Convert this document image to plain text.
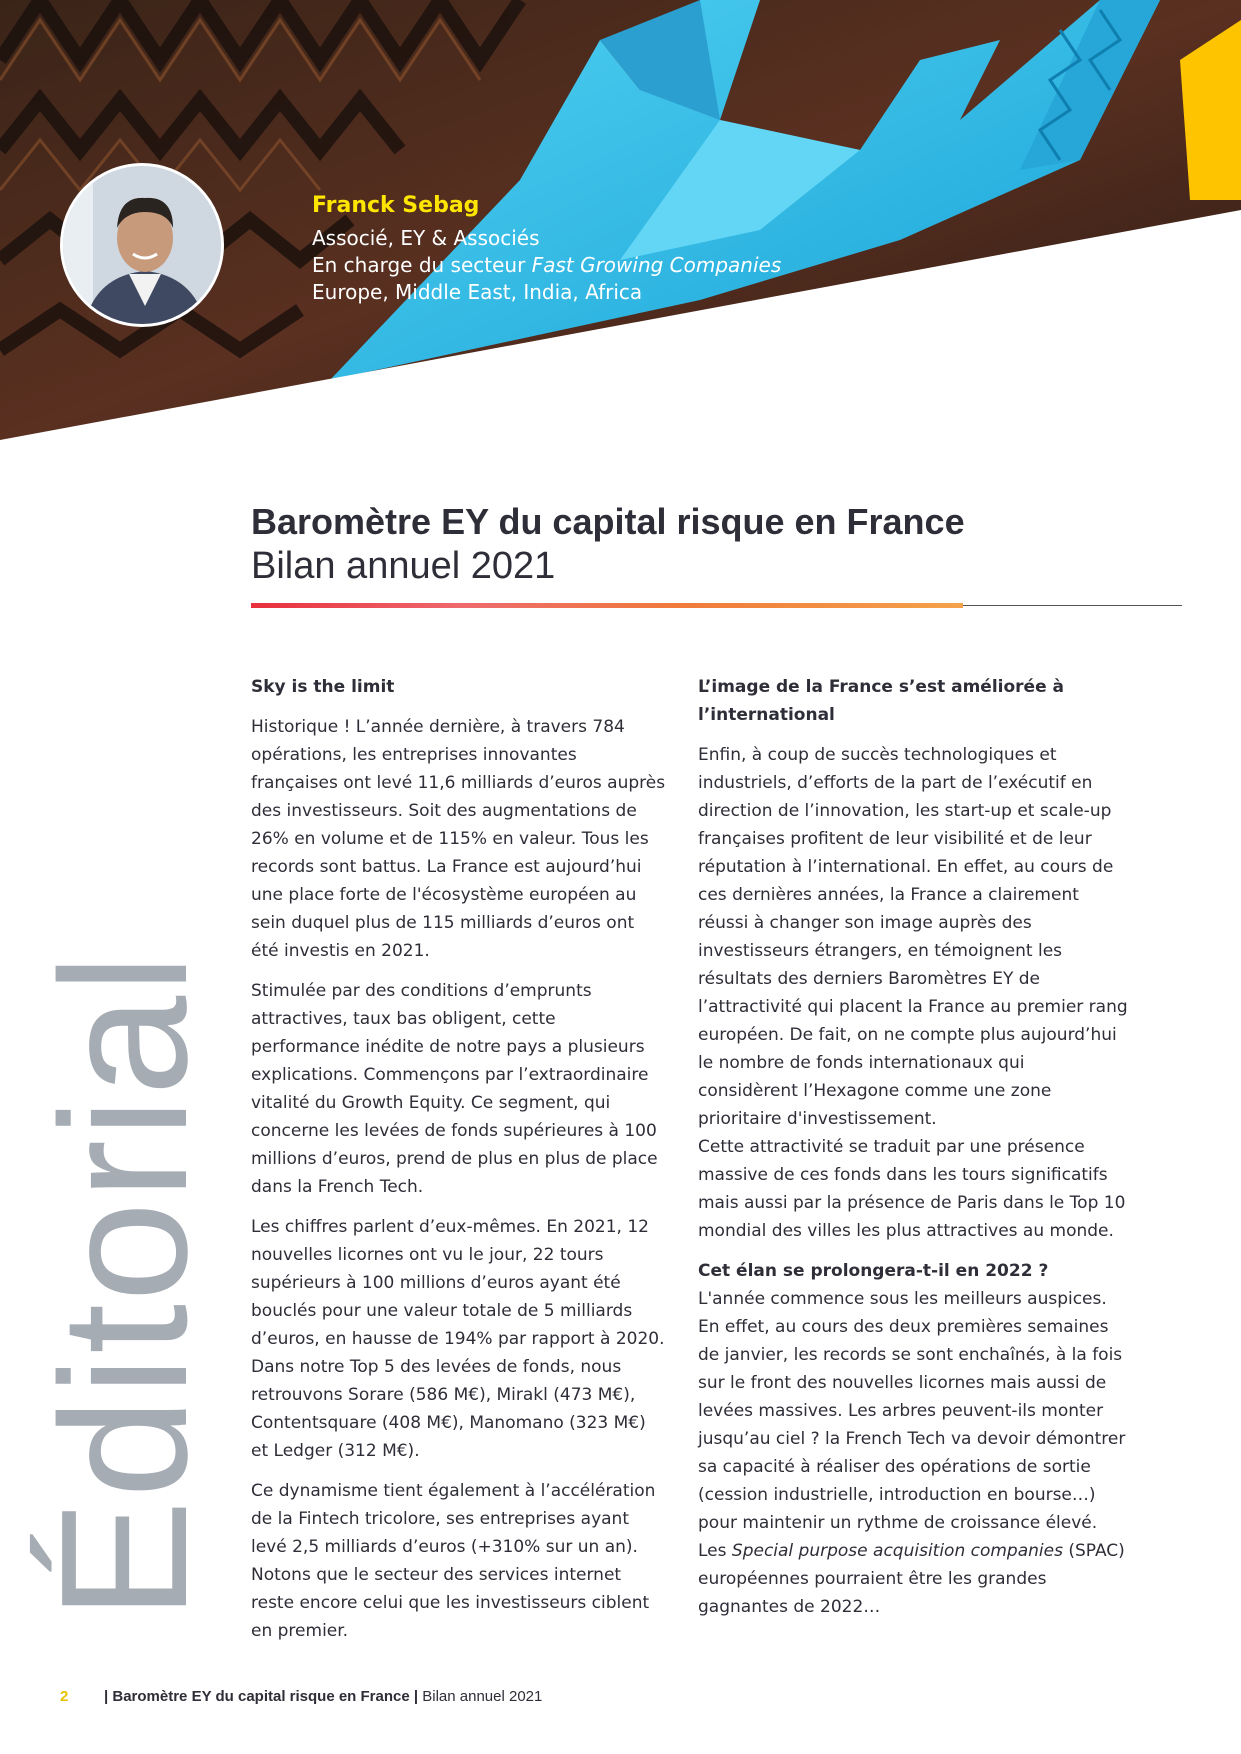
Franck Sebag
Associé, EY & Associés
En charge du secteur Fast Growing Companies
Europe, Middle East, India, Africa
Baromètre EY du capital risque en France
Bilan annuel 2021
Éditorial
Sky is the limit

Historique ! L’année dernière, à travers 784 opérations, les entreprises innovantes françaises ont levé 11,6 milliards d’euros auprès des investisseurs. Soit des augmentations de 26% en volume et de 115% en valeur. Tous les records sont battus. La France est aujourd’hui une place forte de l'écosystème européen au sein duquel plus de 115 milliards d’euros ont été investis en 2021.

Stimulée par des conditions d’emprunts attractives, taux bas obligent, cette performance inédite de notre pays a plusieurs explications. Commençons par l’extraordinaire vitalité du Growth Equity. Ce segment, qui concerne les levées de fonds supérieures à 100 millions d’euros, prend de plus en plus de place dans la French Tech.

Les chiffres parlent d’eux-mêmes. En 2021, 12 nouvelles licornes ont vu le jour, 22 tours supérieurs à 100 millions d’euros ayant été bouclés pour une valeur totale de 5 milliards d’euros, en hausse de 194% par rapport à 2020. Dans notre Top 5 des levées de fonds, nous retrouvons Sorare (586 M€), Mirakl (473 M€), Contentsquare (408 M€), Manomano (323 M€) et Ledger (312 M€).

Ce dynamisme tient également à l’accélération de la Fintech tricolore, ses entreprises ayant levé 2,5 milliards d’euros (+310% sur un an). Notons que le secteur des services internet reste encore celui que les investisseurs ciblent en premier.

L’image de la France s’est améliorée à l’international
Enfin, à coup de succès technologiques et industriels, d’efforts de la part de l’exécutif en direction de l’innovation, les start-up et scale-up françaises profitent de leur visibilité et de leur réputation à l’international. En effet, au cours de ces dernières années, la France a clairement réussi à changer son image auprès des investisseurs étrangers, en témoignent les résultats des derniers Baromètres EY de l’attractivité qui placent la France au premier rang européen. De fait, on ne compte plus aujourd’hui le nombre de fonds internationaux qui considèrent l’Hexagone comme une zone prioritaire d'investissement.
Cette attractivité se traduit par une présence massive de ces fonds dans les tours significatifs mais aussi par la présence de Paris dans le Top 10 mondial des villes les plus attractives au monde.
Cet élan se prolongera-t-il en 2022 ?
L'année commence sous les meilleurs auspices. En effet, au cours des deux premières semaines de janvier, les records se sont enchaînés, à la fois sur le front des nouvelles licornes mais aussi de levées massives. Les arbres peuvent-ils monter jusqu’au ciel ? la French Tech va devoir démontrer sa capacité à réaliser des opérations de sortie (cession industrielle, introduction en bourse…) pour maintenir un rythme de croissance élevé. Les Special purpose acquisition companies (SPAC) européennes pourraient être les grandes gagnantes de 2022…
2 | Baromètre EY du capital risque en France | Bilan annuel 2021
